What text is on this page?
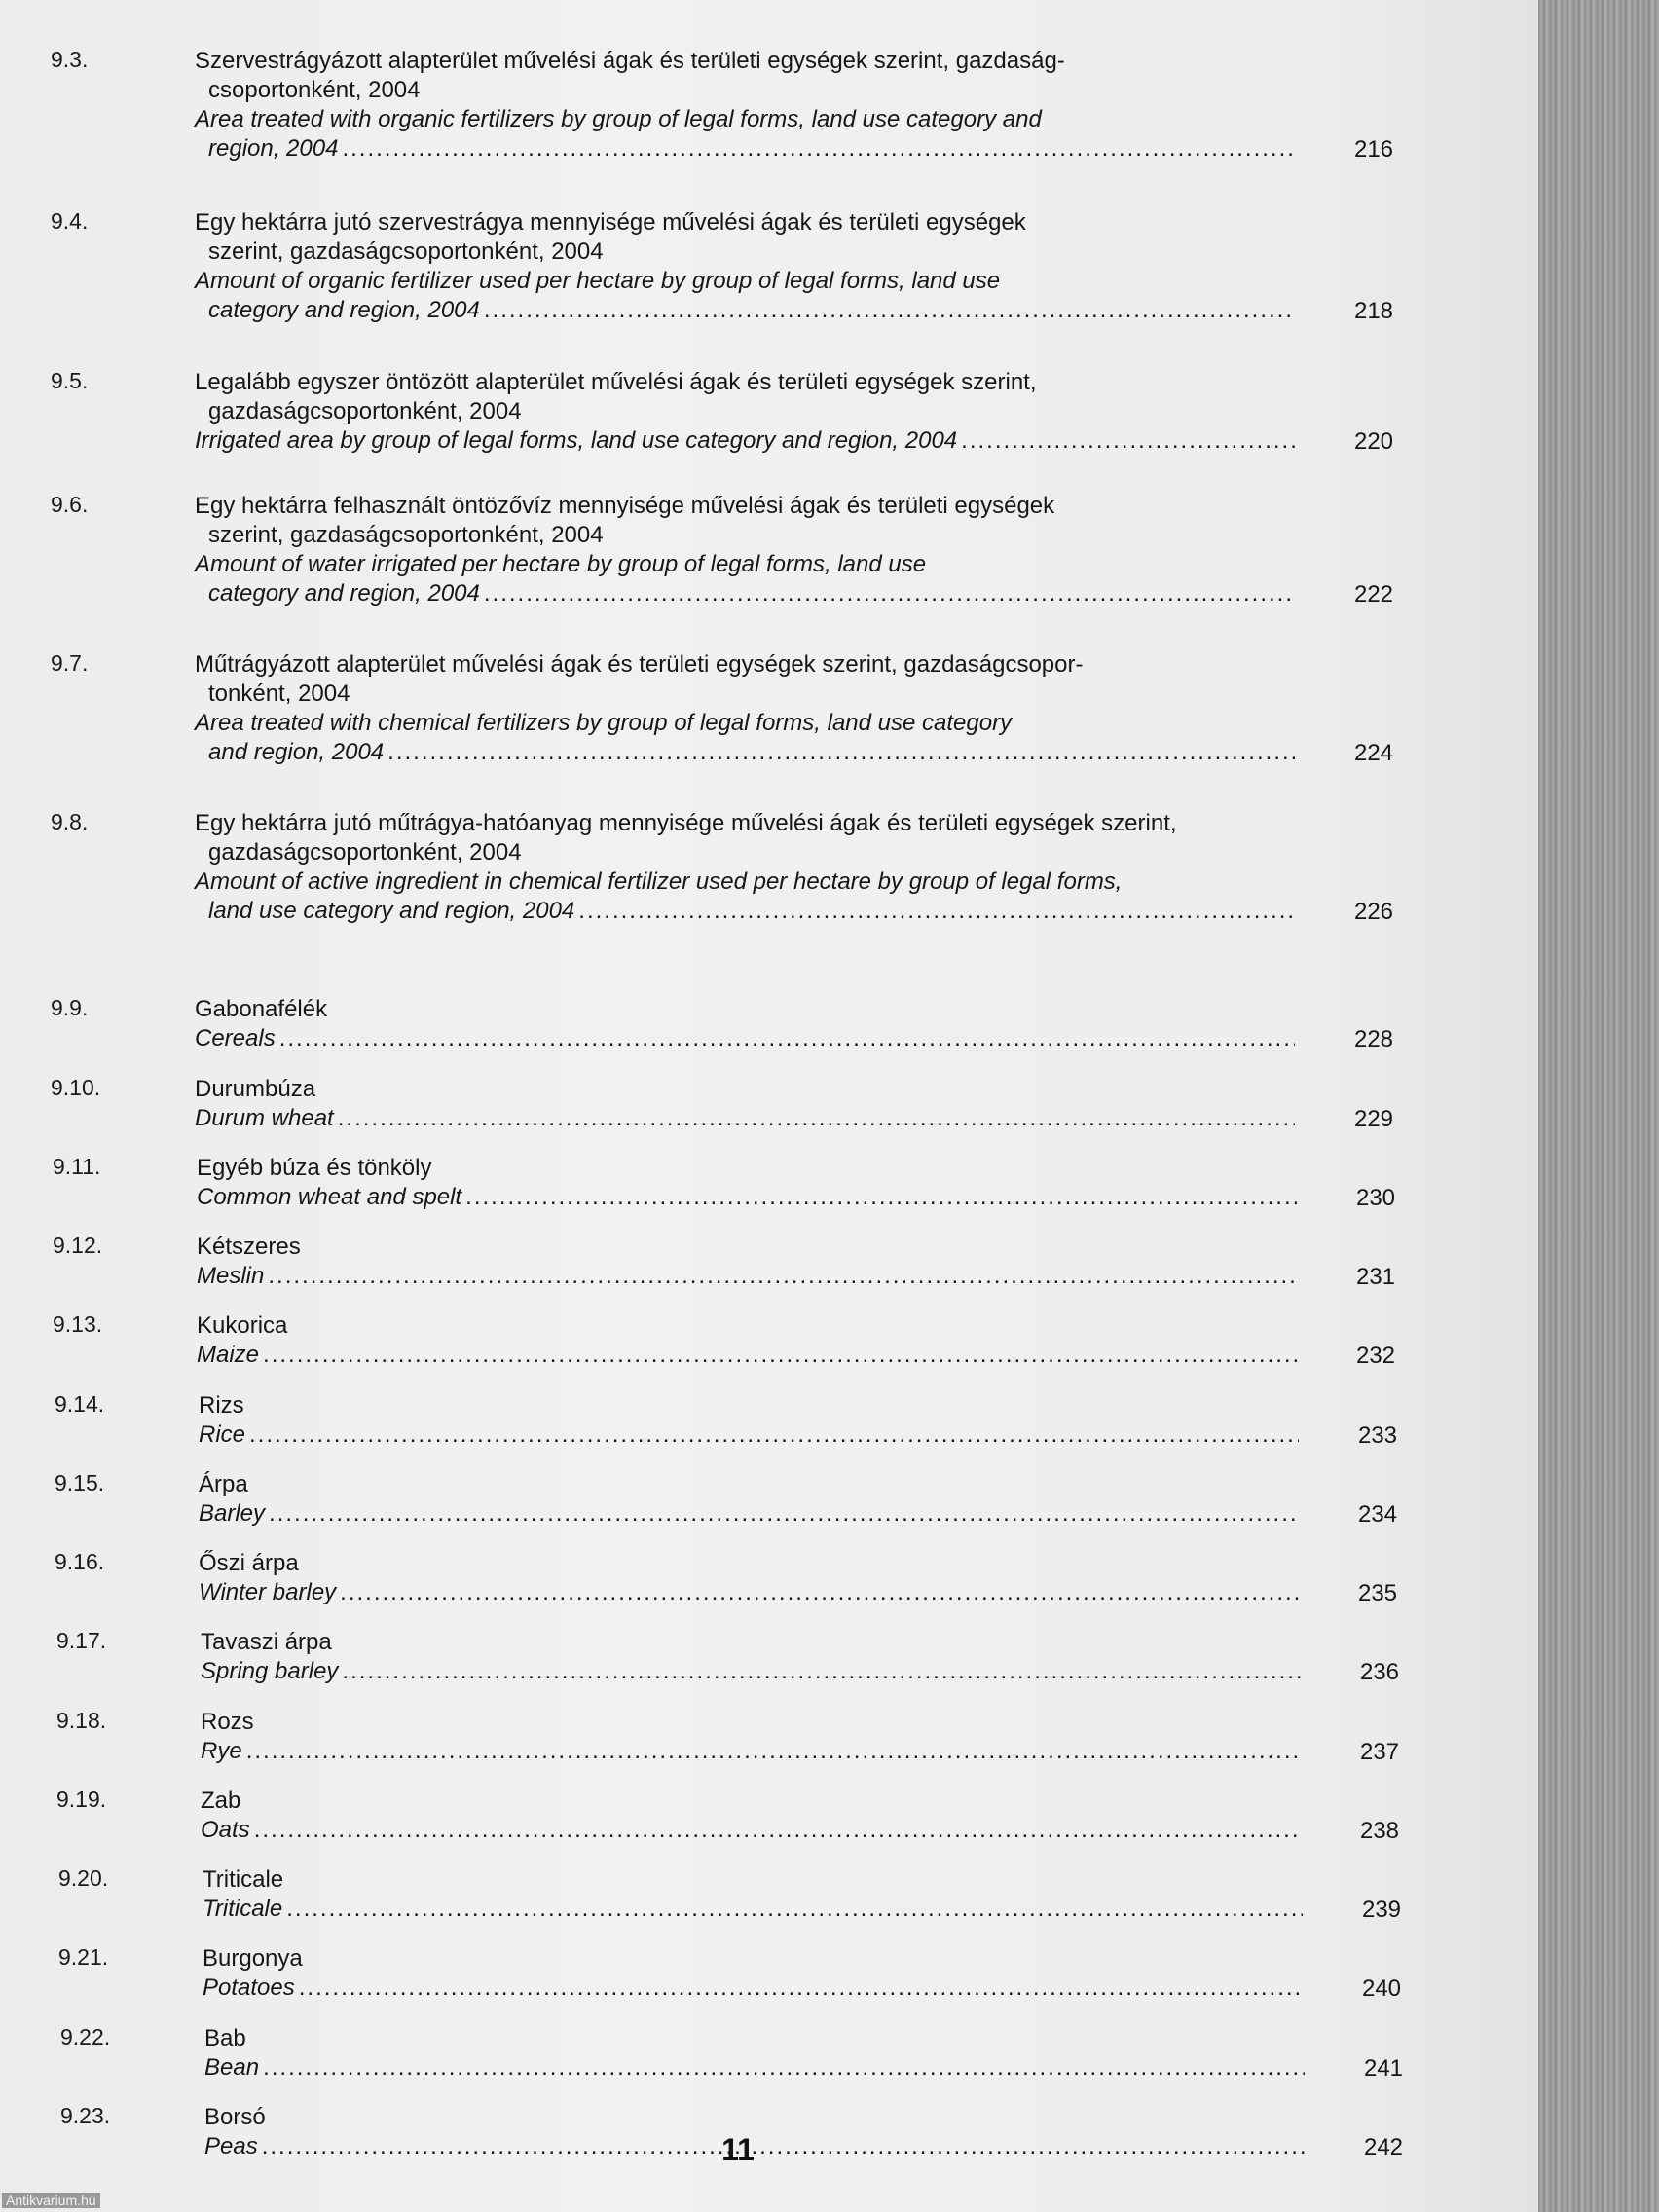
9.3.	Szervestrágyázott alapterület művelési ágak és területi egységek szerint, gazdaság-
csoportonként, 2004
Area treated with organic fertilizers by group of legal forms, land use category and
region, 2004 .....	216
9.4.	Egy hektárra jutó szervestrágya mennyisége művelési ágak és területi egységek
szerint, gazdaságcsoportonként, 2004
Amount of organic fertilizer used per hectare by group of legal forms, land use
category and region, 2004 .....	218
9.5.	Legalább egyszer öntözött alapterület művelési ágak és területi egységek szerint,
gazdaságcsoportonként, 2004
Irrigated area by group of legal forms, land use category and region, 2004 .....	220
9.6.	Egy hektárra felhasznált öntözővíz mennyisége művelési ágak és területi egységek
szerint, gazdaságcsoportonként, 2004
Amount of water irrigated per hectare by group of legal forms, land use
category and region, 2004 .....	222
9.7.	Műtrágyázott alapterület művelési ágak és területi egységek szerint, gazdaságcsopor-
tonként, 2004
Area treated with chemical fertilizers by group of legal forms, land use category
and region, 2004 .....	224
9.8.	Egy hektárra jutó műtrágya-hatóanyag mennyisége művelési ágak és területi egységek szerint,
gazdaságcsoportonként, 2004
Amount of active ingredient in chemical fertilizer used per hectare by group of legal forms,
land use category and region, 2004 .....	226
9.9.	Gabonafélék
Cereals .....	228
9.10.	Durumbúza
Durum wheat .....	229
9.11.	Egyéb búza és tönköly
Common wheat and spelt .....	230
9.12.	Kétszeres
Meslin .....	231
9.13.	Kukorica
Maize .....	232
9.14.	Rizs
Rice .....	233
9.15.	Árpa
Barley .....	234
9.16.	Őszi árpa
Winter barley .....	235
9.17.	Tavaszi árpa
Spring barley .....	236
9.18.	Rozs
Rye .....	237
9.19.	Zab
Oats .....	238
9.20.	Triticale
Triticale .....	239
9.21.	Burgonya
Potatoes .....	240
9.22.	Bab
Bean .....	241
9.23.	Borsó
Peas .....	242
11
Antikvarium.hu
